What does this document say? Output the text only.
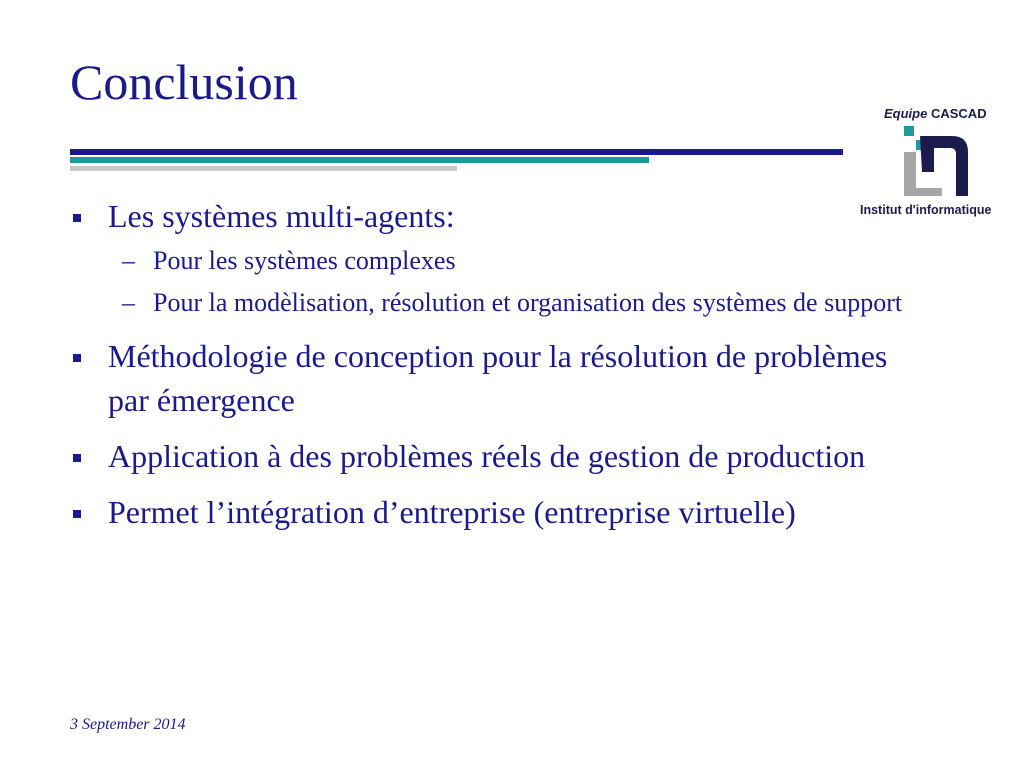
Conclusion
Equipe CASCAD
Institut d'informatique
Les systèmes multi-agents:
– Pour les systèmes complexes
– Pour la modèlisation, résolution et organisation des systèmes de support
Méthodologie de conception pour la résolution de problèmes par émergence
Application à des problèmes réels de gestion de production
Permet l’intégration d’entreprise (entreprise virtuelle)
3 September 2014
